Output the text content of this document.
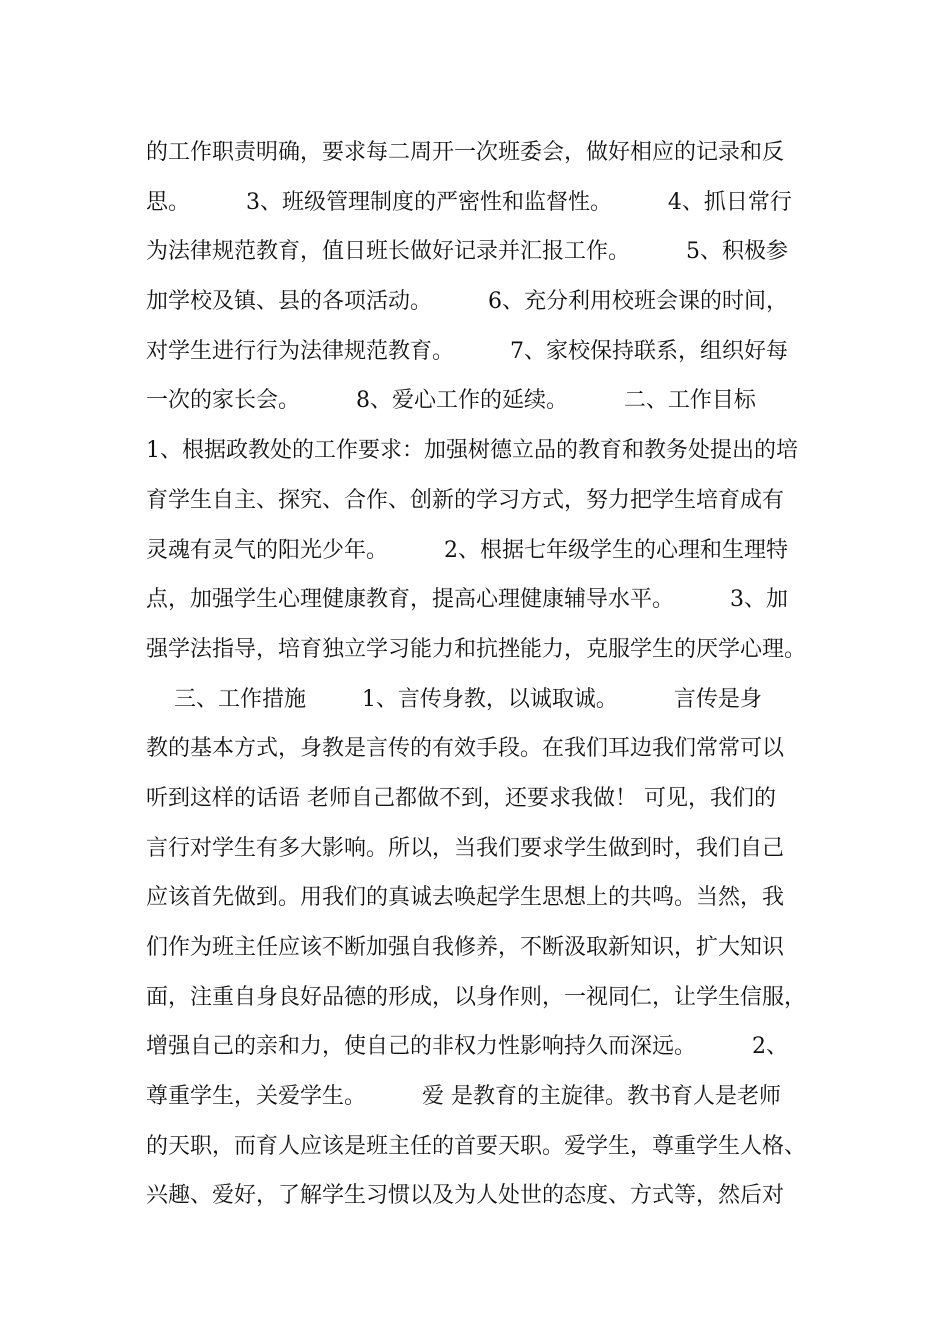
的工作职责明确，要求每二周开一次班委会，做好相应的记录和反
思。        3、班级管理制度的严密性和监督性。        4、抓日常行
为法律规范教育，值日班长做好记录并汇报工作。        5、积极参
加学校及镇、县的各项活动。        6、充分利用校班会课的时间，
对学生进行行为法律规范教育。        7、家校保持联系，组织好每
一次的家长会。        8、爱心工作的延续。        二、工作目标
1、根据政教处的工作要求：加强树德立品的教育和教务处提出的培
育学生自主、探究、合作、创新的学习方式，努力把学生培育成有
灵魂有灵气的阳光少年。        2、根据七年级学生的心理和生理特
点，加强学生心理健康教育，提高心理健康辅导水平。        3、加
强学法指导，培育独立学习能力和抗挫能力，克服学生的厌学心理。
三、工作措施        1、言传身教，以诚取诚。        言传是身
教的基本方式，身教是言传的有效手段。在我们耳边我们常常可以
听到这样的话语 老师自己都做不到，还要求我做！ 可见，我们的
言行对学生有多大影响。所以，当我们要求学生做到时，我们自己
应该首先做到。用我们的真诚去唤起学生思想上的共鸣。当然，我
们作为班主任应该不断加强自我修养，不断汲取新知识，扩大知识
面，注重自身良好品德的形成，以身作则，一视同仁，让学生信服，
增强自己的亲和力，使自己的非权力性影响持久而深远。        2、
尊重学生，关爱学生。        爱 是教育的主旋律。教书育人是老师
的天职，而育人应该是班主任的首要天职。爱学生，尊重学生人格、
兴趣、爱好，了解学生习惯以及为人处世的态度、方式等，然后对
